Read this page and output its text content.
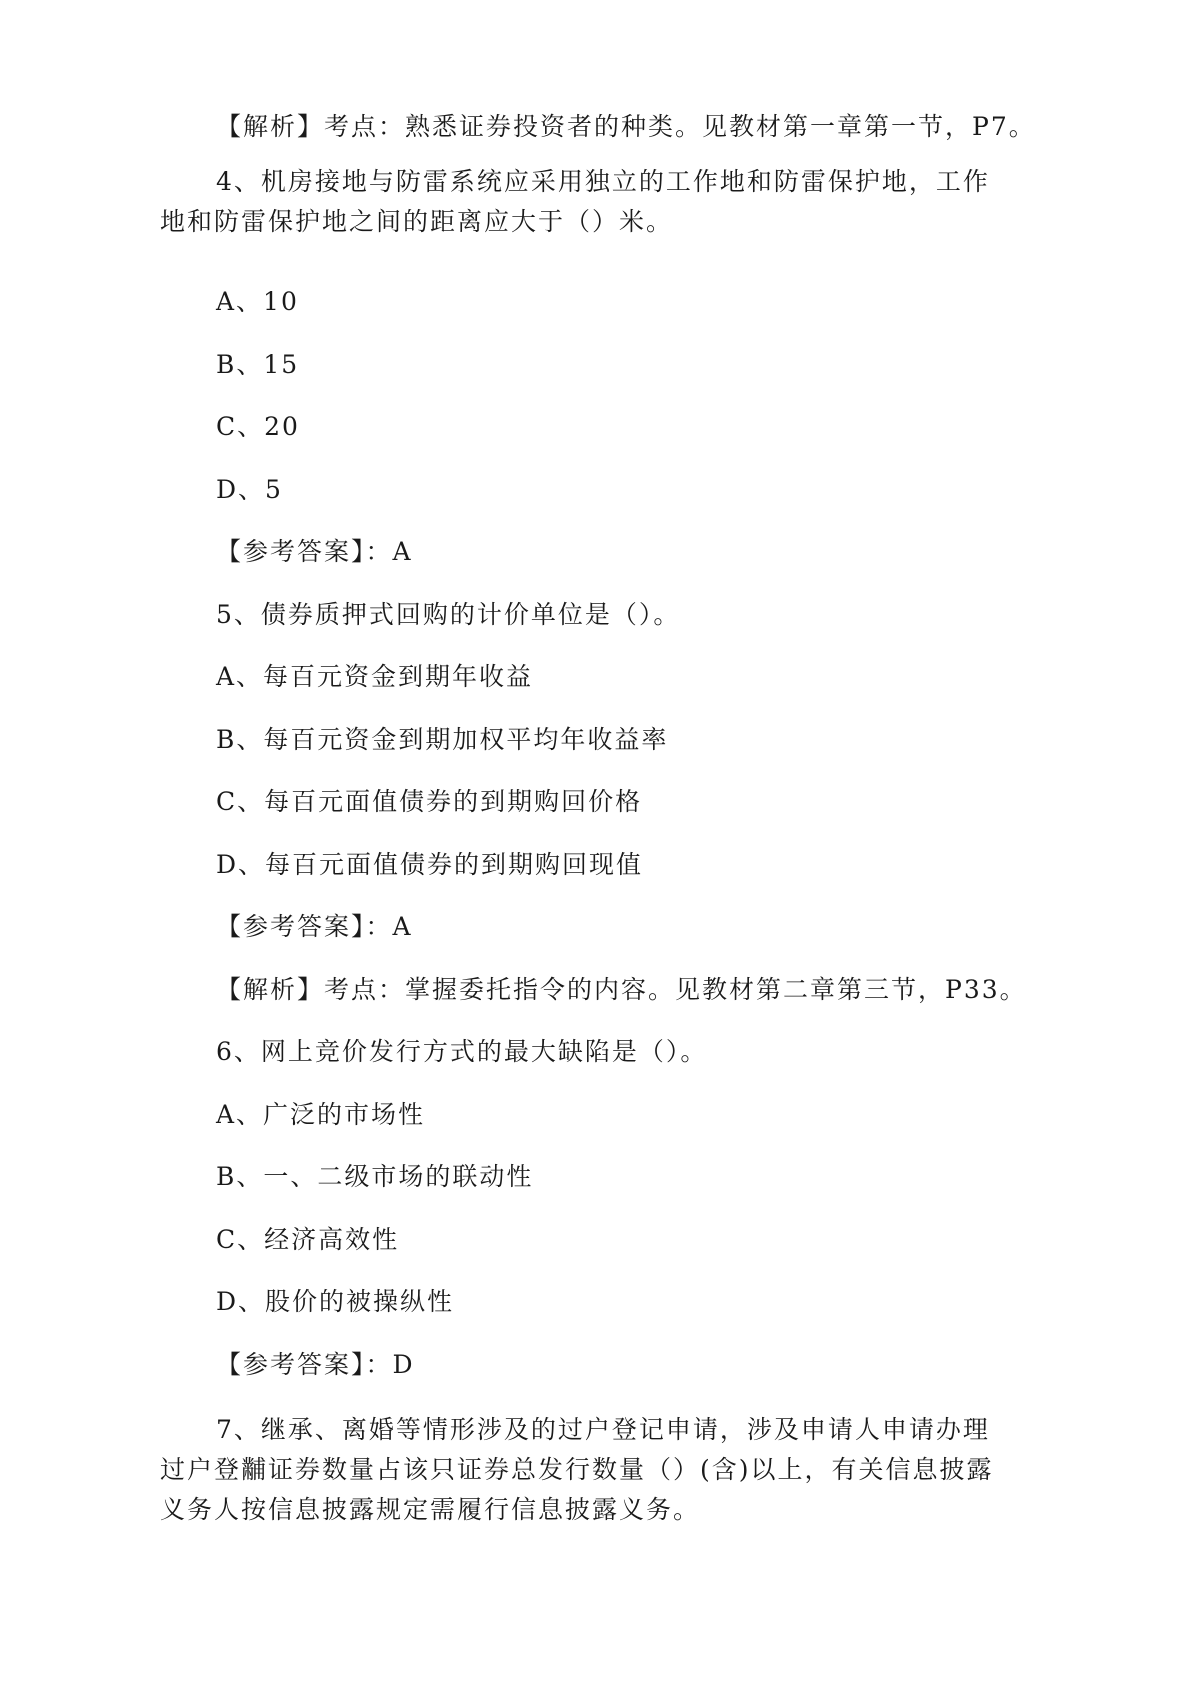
【解析】考点：熟悉证券投资者的种类。见教材第一章第一节，P7。
4、机房接地与防雷系统应采用独立的工作地和防雷保护地，工作
地和防雷保护地之间的距离应大于（）米。
A、10
B、15
C、20
D、5
【参考答案】：A
5、债券质押式回购的计价单位是（）。
A、每百元资金到期年收益
B、每百元资金到期加权平均年收益率
C、每百元面值债券的到期购回价格
D、每百元面值债券的到期购回现值
【参考答案】：A
【解析】考点：掌握委托指令的内容。见教材第二章第三节，P33。
6、网上竞价发行方式的最大缺陷是（）。
A、广泛的市场性
B、一、二级市场的联动性
C、经济高效性
D、股价的被操纵性
【参考答案】：D
7、继承、离婚等情形涉及的过户登记申请，涉及申请人申请办理
过户登黼证券数量占该只证券总发行数量（）(含)以上，有关信息披露
义务人按信息披露规定需履行信息披露义务。
